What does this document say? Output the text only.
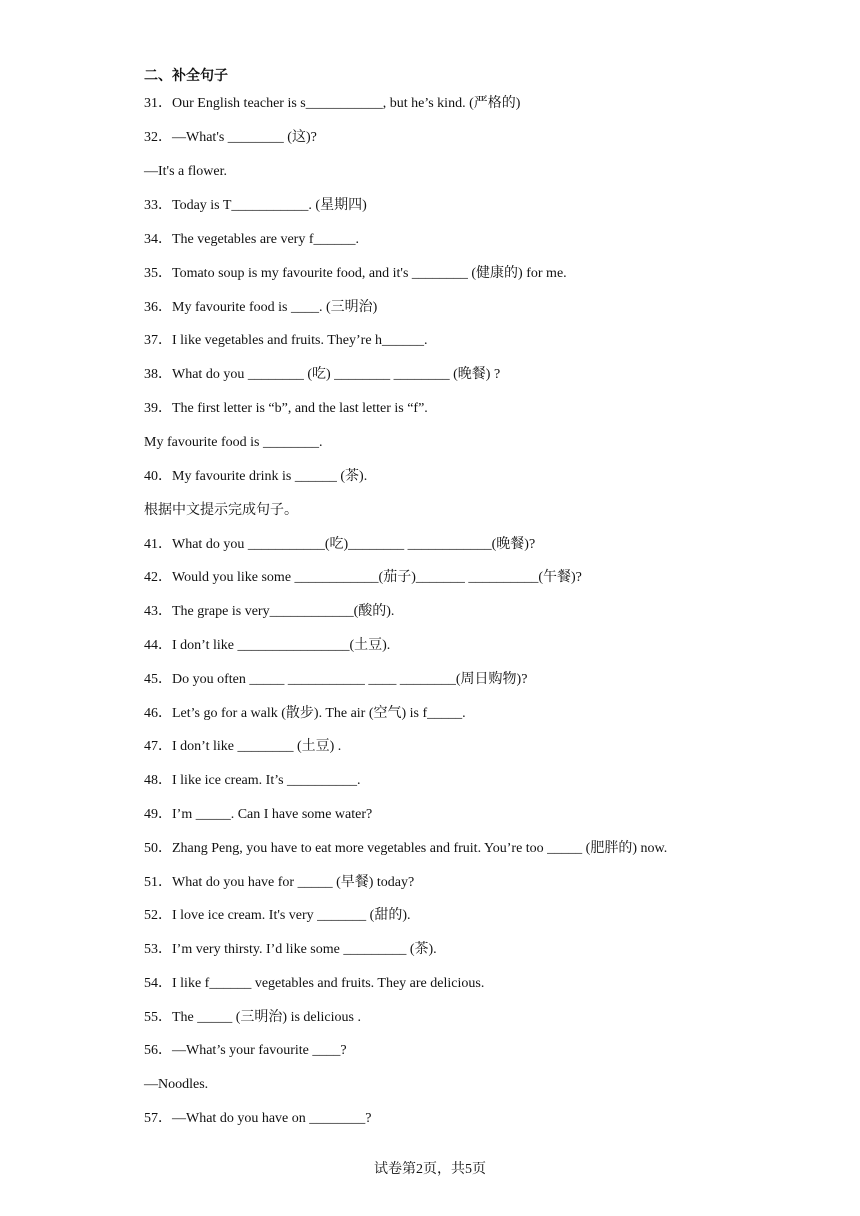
二、补全句子
31．Our English teacher is s___________, but he’s kind. (严格的)
32．—What's ________ (这)?
—It's a flower.
33．Today is T___________. (星期四)
34．The vegetables are very f______.
35．Tomato soup is my favourite food, and it's ________ (健康的) for me.
36．My favourite food is ____. (三明治)
37．I like vegetables and fruits. They’re h______.
38．What do you ________ (吃) ________ ________ (晚餐) ?
39．The first letter is “b”, and the last letter is “f”.
My favourite food is ________.
40．My favourite drink is ______ (茶).
根据中文提示完成句子。
41．What do you ___________(吃)________ ____________(晚餐)?
42．Would you like some ____________(茄子)_______ __________(午餐)?
43．The grape is very____________(酸的).
44．I don’t like ________________(土豆).
45．Do you often _____ ___________ ____ ________(周日购物)?
46．Let’s go for a walk (散步). The air (空气) is f_____.
47．I don’t like ________ (土豆) .
48．I like ice cream. It’s __________.
49．I’m _____. Can I have some water?
50．Zhang Peng, you have to eat more vegetables and fruit. You’re too _____ (肥胖的) now.
51．What do you have for _____ (早餐) today?
52．I love ice cream. It's very _______ (甜的).
53．I’m very thirsty. I’d like some _________ (茶).
54．I like f______ vegetables and fruits. They are delicious.
55．The _____ (三明治) is delicious .
56．—What’s your favourite ____?
—Noodles.
57．—What do you have on ________?
试卷第2页，共5页
